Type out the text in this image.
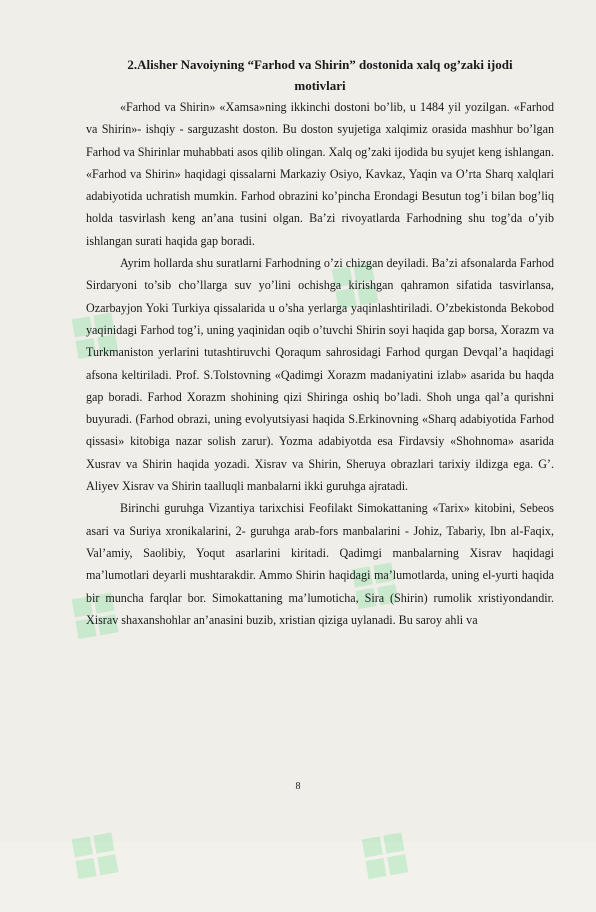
❖ ❖
❖ ❖
❖ ❖
2.Alisher Navoiyning “Farhod va Shirin” dostonida xalq og’zaki ijodi
motivlari

«Farhod va Shirin» «Xamsa»ning ikkinchi dostoni bo’lib, u 1484 yil yozilgan. «Farhod va Shirin»- ishqiy - sarguzasht doston. Bu doston syujetiga xalqimiz orasida mashhur bo’lgan Farhod va Shirinlar muhabbati asos qilib olingan. Xalq og’zaki ijodida bu syujet keng ishlangan. «Farhod va Shirin» haqidagi qissalarni Markaziy Osiyo, Kavkaz, Yaqin va O’rta Sharq xalqlari adabiyotida uchratish mumkin. Farhod obrazini ko’pincha Erondagi Besutun tog’i bilan bog’liq holda tasvirlash keng an’ana tusini olgan. Ba’zi rivoyatlarda Farhodning shu tog’da o’yib ishlangan surati haqida gap boradi.

Ayrim hollarda shu suratlarni Farhodning o’zi chizgan deyiladi. Ba’zi afsonalarda Farhod Sirdaryoni to’sib cho’llarga suv yo’lini ochishga kirishgan qahramon sifatida tasvirlansa, Ozarbayjon Yoki Turkiya qissalarida u o’sha yerlarga yaqinlashtiriladi. O’zbekistonda Bekobod yaqinidagi Farhod tog’i, uning yaqinidan oqib o’tuvchi Shirin soyi haqida gap borsa, Xorazm va Turkmaniston yerlarini tutashtiruvchi Qoraqum sahrosidagi Farhod qurgan Devqal’a haqidagi afsona keltiriladi. Prof. S.Tolstovning «Qadimgi Xorazm madaniyatini izlab» asarida bu haqda gap boradi. Farhod Xorazm shohining qizi Shiringa oshiq bo’ladi. Shoh unga qal’a qurishni buyuradi. (Farhod obrazi, uning evolyutsiyasi haqida S.Erkinovning «Sharq adabiyotida Farhod qissasi» kitobiga nazar solish zarur). Yozma adabiyotda esa Firdavsiy «Shohnoma» asarida Xusrav va Shirin haqida yozadi. Xisrav va Shirin, Sheruya obrazlari tarixiy ildizga ega. G’. Aliyev Xisrav va Shirin taalluqli manbalarni ikki guruhga ajratadi.

Birinchi guruhga Vizantiya tarixchisi Feofilakt Simokattaning «Tarix» kitobini, Sebeos asari va Suriya xronikalarini, 2- guruhga arab-fors manbalarini - Johiz, Tabariy, Ibn al-Faqix, Val’amiy, Saolibiy, Yoqut asarlarini kiritadi. Qadimgi manbalarning Xisrav haqidagi ma’lumotlari deyarli mushtarakdir. Ammo Shirin haqidagi ma’lumotlarda, uning el-yurti haqida bir muncha farqlar bor. Simokattaning ma’lumoticha, Sira (Shirin) rumolik xristiyondandir. Xisrav shaxanshohlar an’anasini buzib, xristian qiziga uylanadi. Bu saroy ahli va

8
